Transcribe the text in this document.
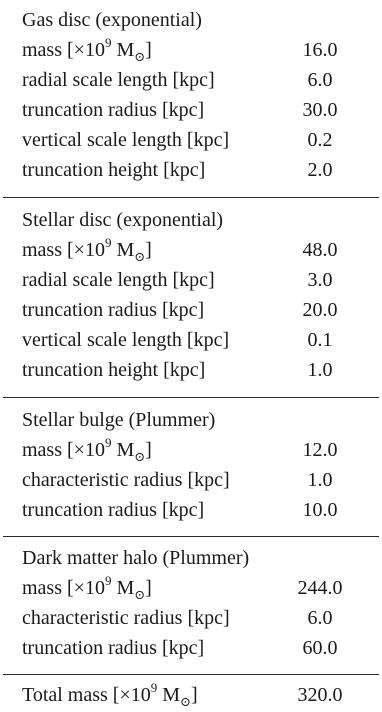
Gas disc (exponential)
mass [$\times 10^9$ $M_⊙$]	16.0
radial scale length [kpc]	6.0
truncation radius [kpc]	30.0
vertical scale length [kpc]	0.2
truncation height [kpc]	2.0
Stellar disc (exponential)
mass [$\times 10^9$ $M_⊙$]	48.0
radial scale length [kpc]	3.0
truncation radius [kpc]	20.0
vertical scale length [kpc]	0.1
truncation height [kpc]	1.0
Stellar bulge (Plummer)
mass [$\times 10^9$ $M_⊙$]	12.0
characteristic radius [kpc]	1.0
truncation radius [kpc]	10.0
Dark matter halo (Plummer)
mass [$\times 10^9$ $M_⊙$]	244.0
characteristic radius [kpc]	6.0
truncation radius [kpc]	60.0
Total mass [$\times 10^9$ $M_⊙$]	320.0
